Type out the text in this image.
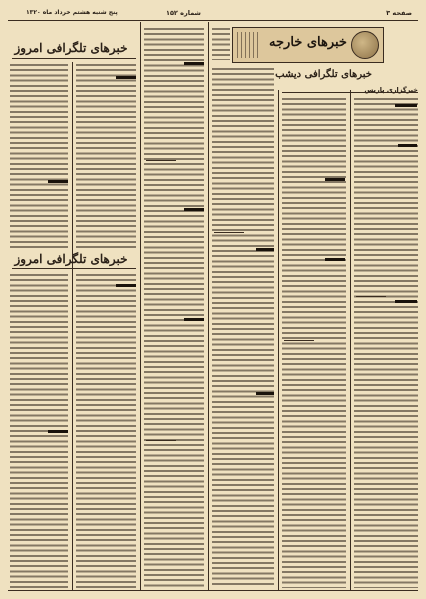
صفحه ۳
شماره ۱۵۲
پنج شنبه هشتم خرداد ماه ۱۳۲۰
خبرهای خارجه
خبرهای تلگرافی دیشب
خبرهای تلگرافی امروز
خبرهای تلگرافی امروز
خبرگزاری پاریس
